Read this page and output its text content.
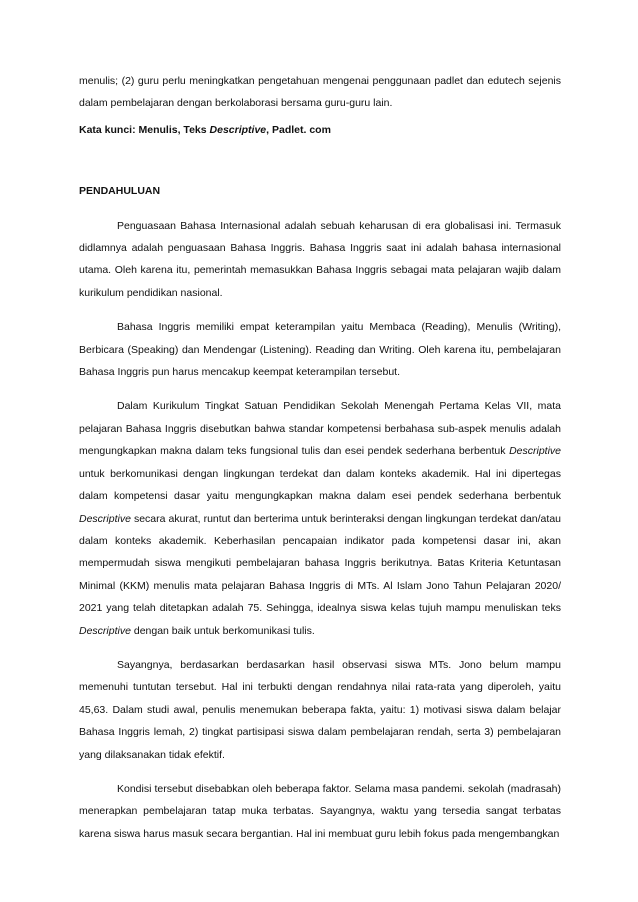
menulis; (2) guru perlu meningkatkan pengetahuan mengenai penggunaan padlet dan edutech sejenis dalam pembelajaran dengan berkolaborasi bersama guru-guru lain.

Kata kunci: Menulis, Teks Descriptive, Padlet. com

PENDAHULUAN

Penguasaan Bahasa Internasional adalah sebuah keharusan di era globalisasi ini. Termasuk didlamnya adalah penguasaan Bahasa Inggris. Bahasa Inggris saat ini adalah bahasa internasional utama. Oleh karena itu, pemerintah memasukkan Bahasa Inggris sebagai mata pelajaran wajib dalam kurikulum pendidikan nasional.

Bahasa Inggris memiliki empat keterampilan yaitu Membaca (Reading), Menulis (Writing), Berbicara (Speaking) dan Mendengar (Listening). Reading dan Writing. Oleh karena itu, pembelajaran Bahasa Inggris pun harus mencakup keempat keterampilan tersebut.

Dalam Kurikulum Tingkat Satuan Pendidikan Sekolah Menengah Pertama Kelas VII, mata pelajaran Bahasa Inggris disebutkan bahwa standar kompetensi berbahasa sub-aspek menulis adalah mengungkapkan makna dalam teks fungsional tulis dan esei pendek sederhana berbentuk Descriptive untuk berkomunikasi dengan lingkungan terdekat dan dalam konteks akademik. Hal ini dipertegas dalam kompetensi dasar yaitu mengungkapkan makna dalam esei pendek sederhana berbentuk Descriptive secara akurat, runtut dan berterima untuk berinteraksi dengan lingkungan terdekat dan/atau dalam konteks akademik. Keberhasilan pencapaian indikator pada kompetensi dasar ini, akan mempermudah siswa mengikuti pembelajaran bahasa Inggris berikutnya. Batas Kriteria Ketuntasan Minimal (KKM) menulis mata pelajaran Bahasa Inggris di MTs. Al Islam Jono Tahun Pelajaran 2020/ 2021 yang telah ditetapkan adalah 75. Sehingga, idealnya siswa kelas tujuh mampu menuliskan teks Descriptive dengan baik untuk berkomunikasi tulis.

Sayangnya, berdasarkan berdasarkan hasil observasi siswa MTs. Jono belum mampu memenuhi tuntutan tersebut. Hal ini terbukti dengan rendahnya nilai rata-rata yang diperoleh, yaitu 45,63. Dalam studi awal, penulis menemukan beberapa fakta, yaitu: 1) motivasi siswa dalam belajar Bahasa Inggris lemah, 2) tingkat partisipasi siswa dalam pembelajaran rendah, serta 3) pembelajaran yang dilaksanakan tidak efektif.

Kondisi tersebut disebabkan oleh beberapa faktor. Selama masa pandemi. sekolah (madrasah) menerapkan pembelajaran tatap muka terbatas. Sayangnya, waktu yang tersedia sangat terbatas karena siswa harus masuk secara bergantian. Hal ini membuat guru lebih fokus pada mengembangkan
